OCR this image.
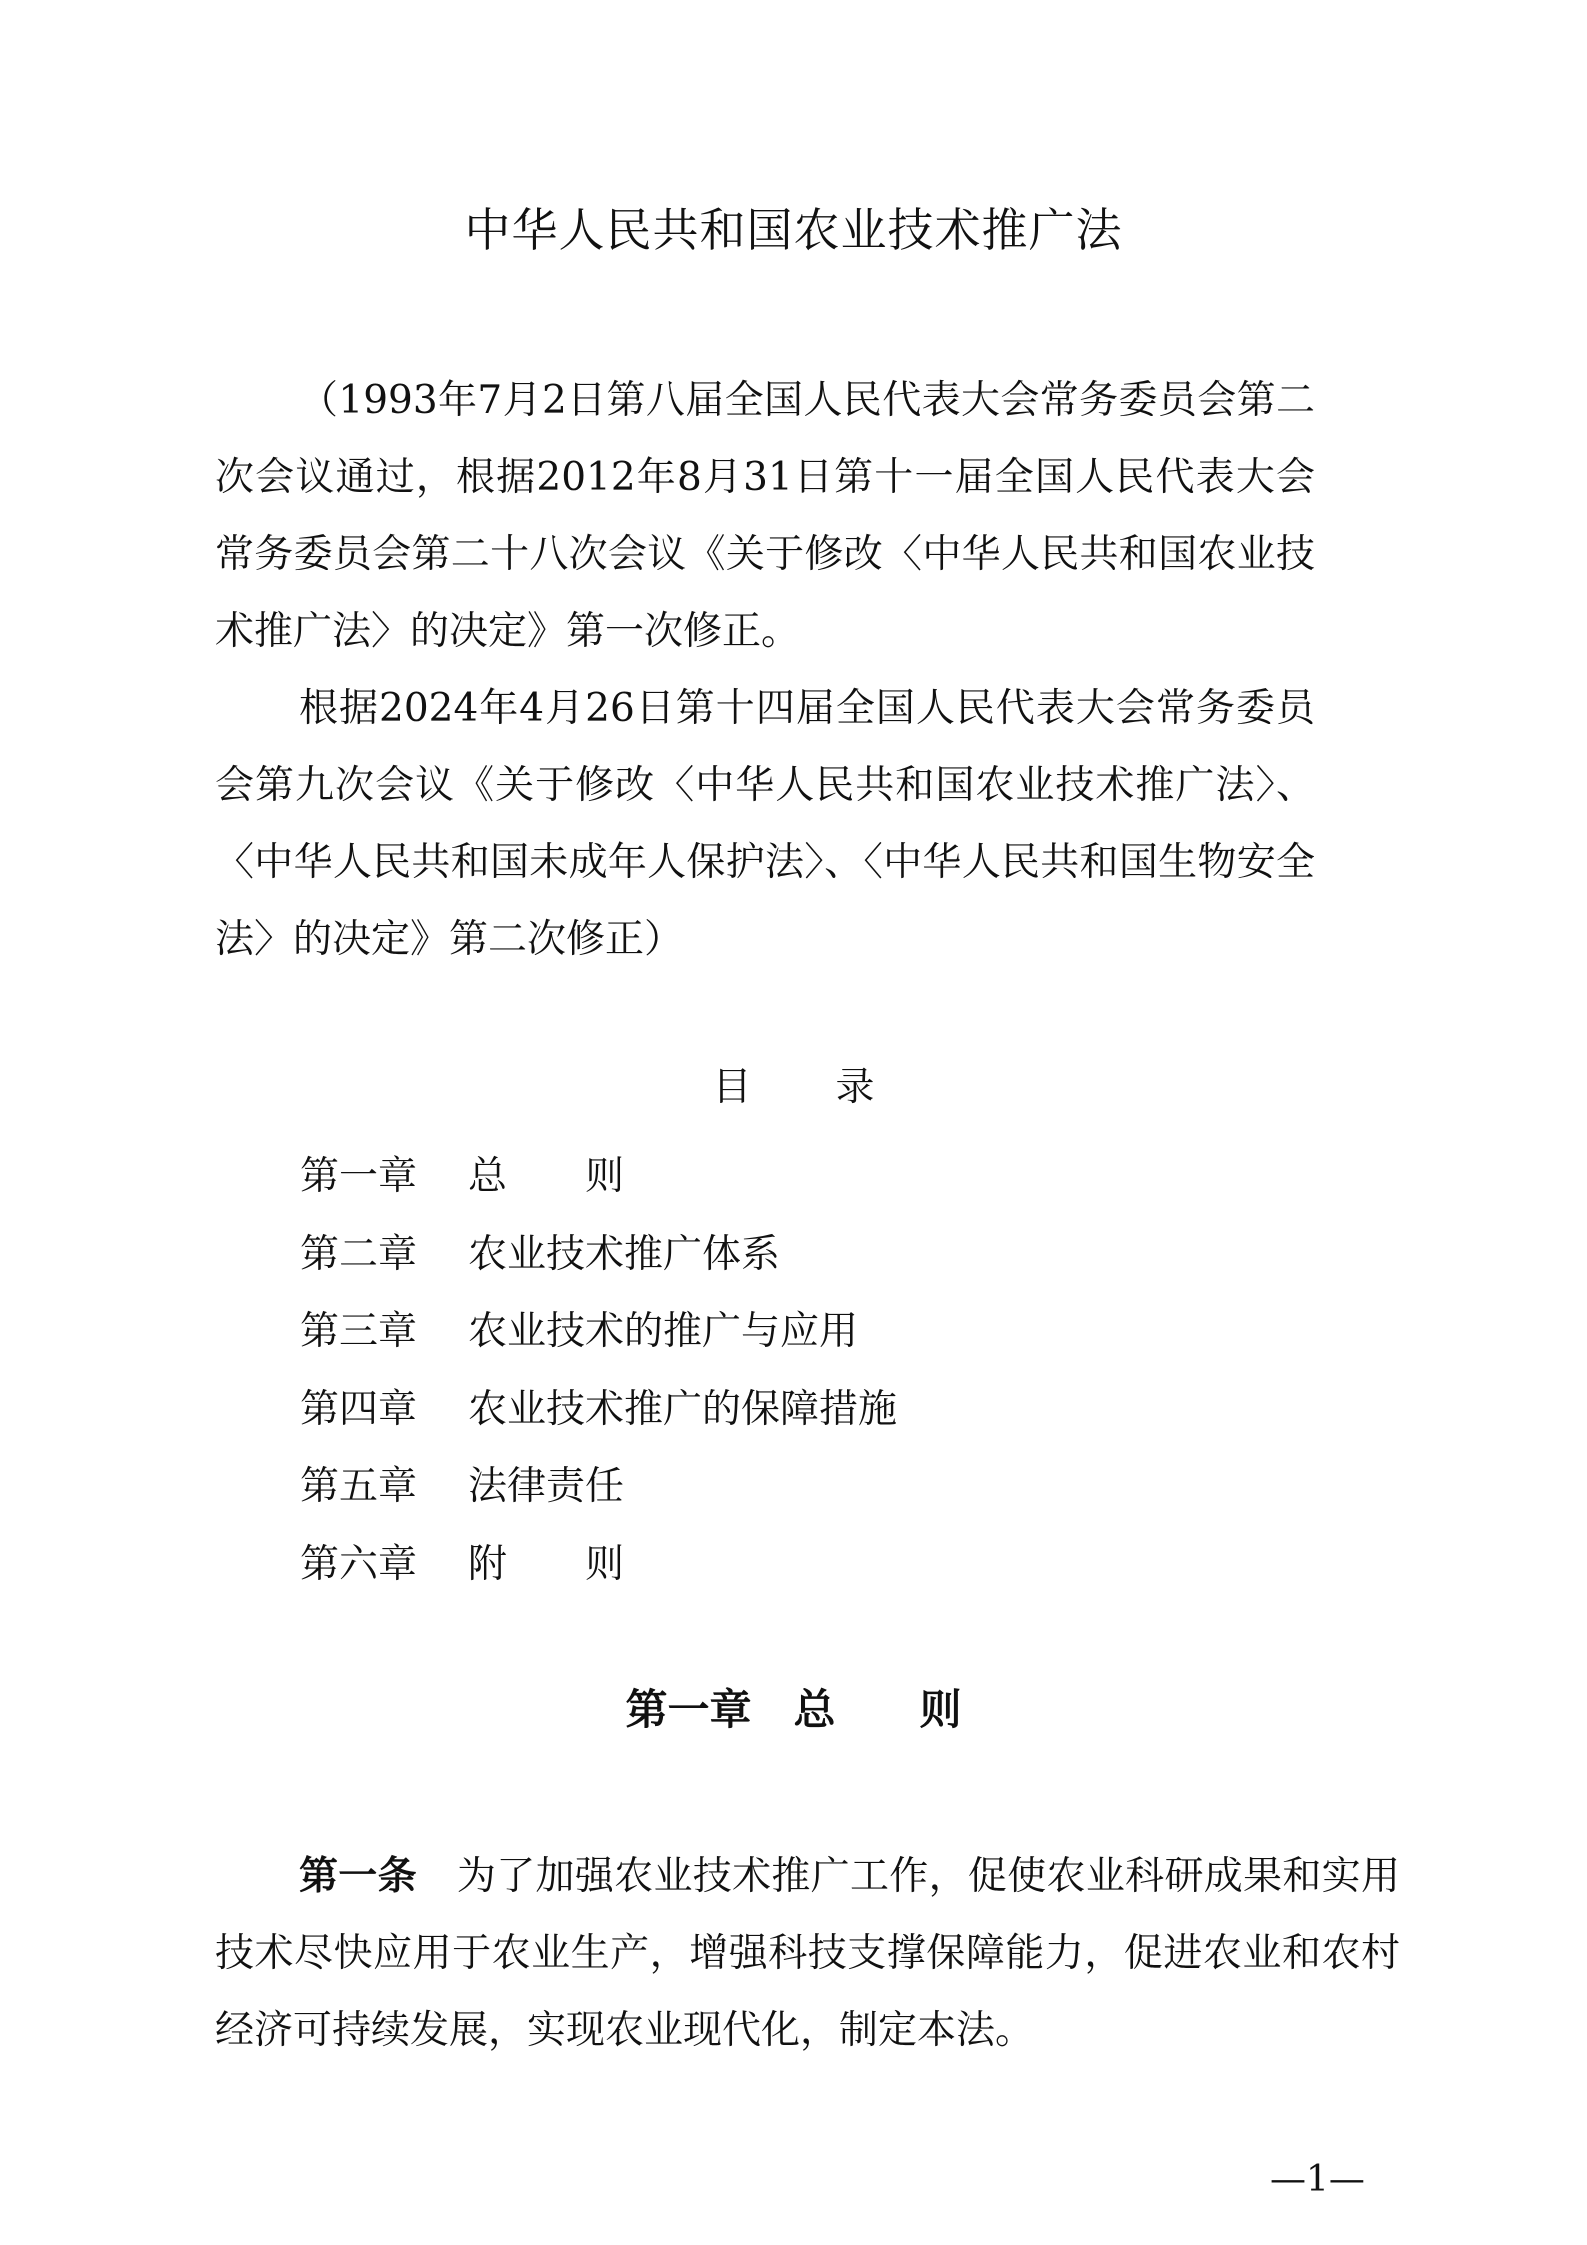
中华人民共和国农业技术推广法

（1993年7月2日第八届全国人民代表大会常务委员会第二次会议通过，根据2012年8月31日第十一届全国人民代表大会常务委员会第二十八次会议《关于修改〈中华人民共和国农业技术推广法〉的决定》第一次修正。

根据2024年4月26日第十四届全国人民代表大会常务委员会第九次会议《关于修改〈中华人民共和国农业技术推广法〉、〈中华人民共和国未成年人保护法〉、〈中华人民共和国生物安全法〉的决定》第二次修正）

目 录
第一章	总　　则
第二章	农业技术推广体系
第三章	农业技术的推广与应用
第四章	农业技术推广的保障措施
第五章	法律责任
第六章	附　　则
第一章　总　　则

第一条 为了加强农业技术推广工作，促使农业科研成果和实用技术尽快应用于农业生产，增强科技支撑保障能力，促进农业和农村经济可持续发展，实现农业现代化，制定本法。

—1—
